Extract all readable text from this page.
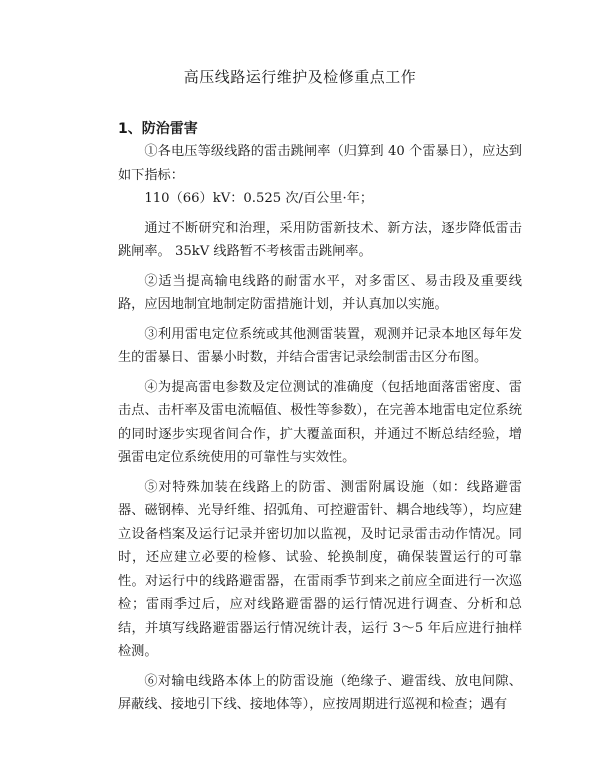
高压线路运行维护及检修重点工作
1、防治雷害

①各电压等级线路的雷击跳闸率（归算到 40 个雷暴日），应达到如下指标：

110（66）kV：0.525 次/百公里·年；

通过不断研究和治理，采用防雷新技术、新方法，逐步降低雷击跳闸率。 35kV 线路暂不考核雷击跳闸率。

②适当提高输电线路的耐雷水平，对多雷区、易击段及重要线路，应因地制宜地制定防雷措施计划，并认真加以实施。

③利用雷电定位系统或其他测雷装置，观测并记录本地区每年发生的雷暴日、雷暴小时数，并结合雷害记录绘制雷击区分布图。

④为提高雷电参数及定位测试的准确度（包括地面落雷密度、雷击点、击杆率及雷电流幅值、极性等参数），在完善本地雷电定位系统的同时逐步实现省间合作，扩大覆盖面积，并通过不断总结经验，增强雷电定位系统使用的可靠性与实效性。

⑤对特殊加装在线路上的防雷、测雷附属设施（如：线路避雷器、磁钢棒、光导纤维、招弧角、可控避雷针、耦合地线等），均应建立设备档案及运行记录并密切加以监视，及时记录雷击动作情况。同时，还应建立必要的检修、试验、轮换制度，确保装置运行的可靠性。对运行中的线路避雷器，在雷雨季节到来之前应全面进行一次巡检；雷雨季过后，应对线路避雷器的运行情况进行调查、分析和总结，并填写线路避雷器运行情况统计表，运行 3～5 年后应进行抽样检测。

⑥对输电线路本体上的防雷设施（绝缘子、避雷线、放电间隙、屏蔽线、接地引下线、接地体等），应按周期进行巡视和检查；遇有
